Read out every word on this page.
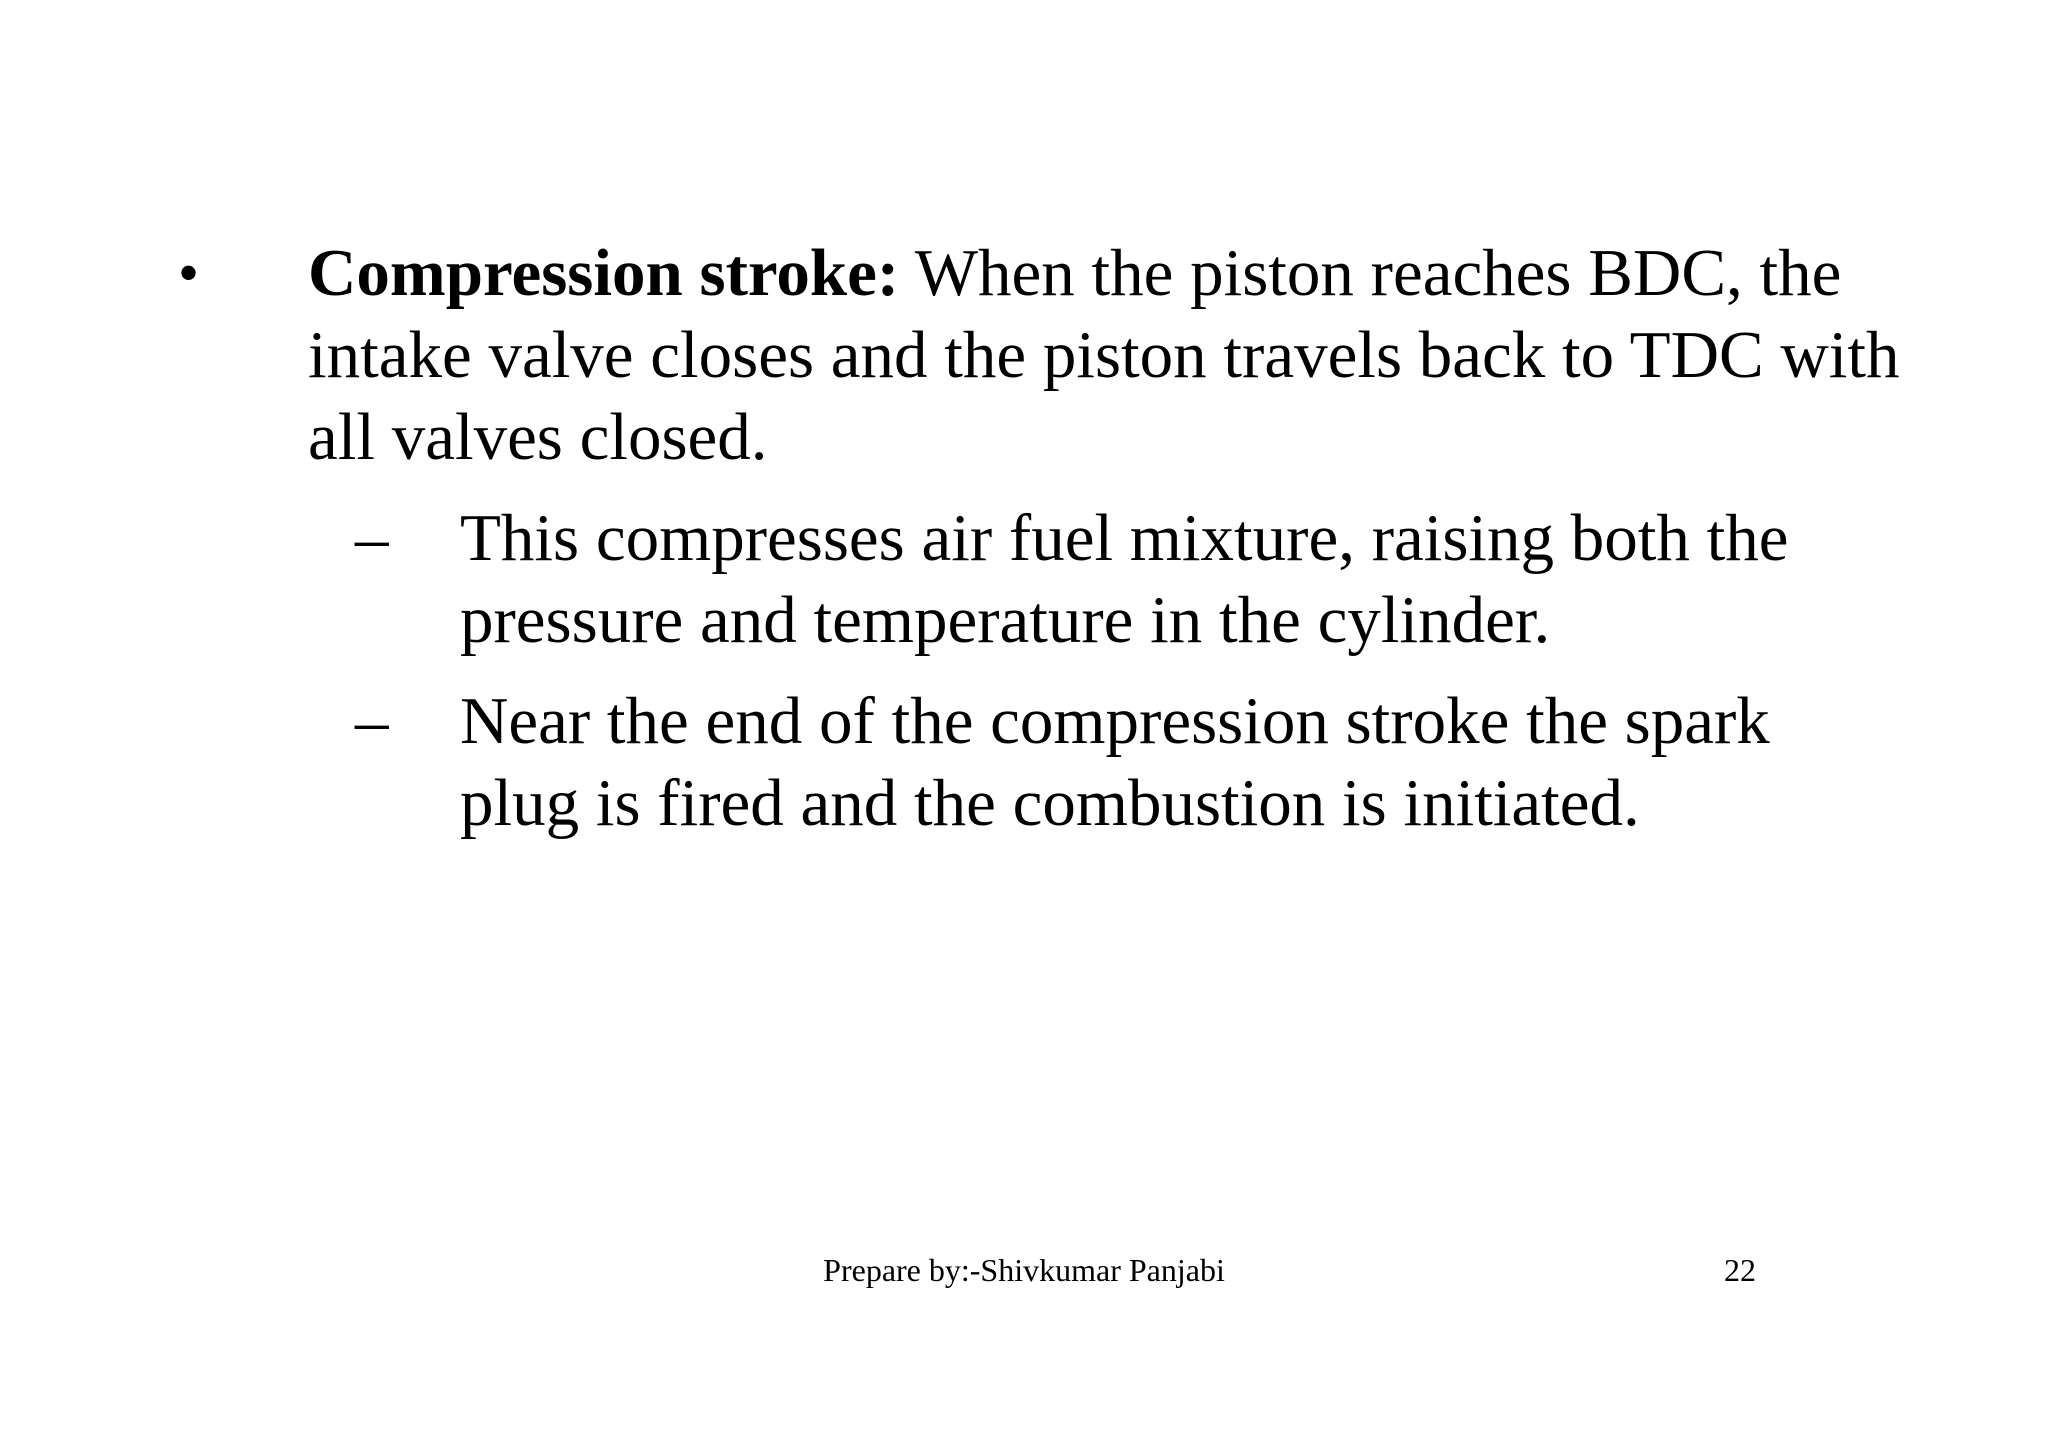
• Compression stroke: When the piston reaches BDC, the intake valve closes and the piston travels back to TDC with all valves closed.
– This compresses air fuel mixture, raising both the pressure and temperature in the cylinder.
– Near the end of the compression stroke the spark plug is fired and the combustion is initiated.
Prepare by:-Shivkumar Panjabi	22
